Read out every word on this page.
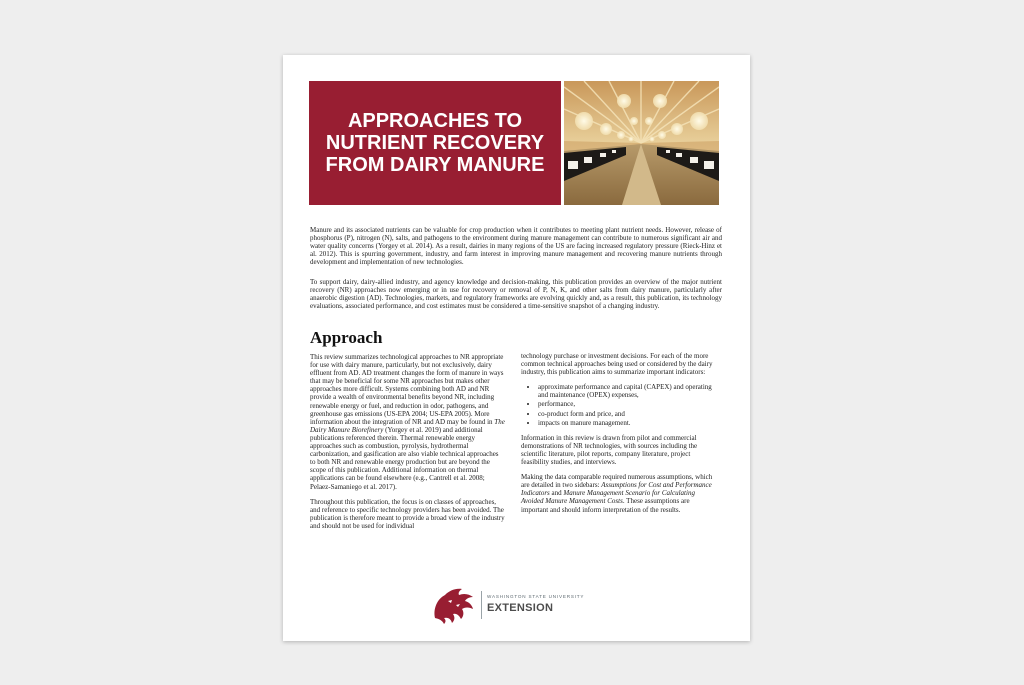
APPROACHES TO NUTRIENT RECOVERY FROM DAIRY MANURE

Manure and its associated nutrients can be valuable for crop production when it contributes to meeting plant nutrient needs. However, release of phosphorus (P), nitrogen (N), salts, and pathogens to the environment during manure management can contribute to numerous significant air and water quality concerns (Yorgey et al. 2014). As a result, dairies in many regions of the US are facing increased regulatory pressure (Rieck-Hinz et al. 2012). This is spurring government, industry, and farm interest in improving manure management and recovering manure nutrients through development and implementation of new technologies.

To support dairy, dairy-allied industry, and agency knowledge and decision-making, this publication provides an overview of the major nutrient recovery (NR) approaches now emerging or in use for recovery or removal of P, N, K, and other salts from dairy manure, particularly after anaerobic digestion (AD). Technologies, markets, and regulatory frameworks are evolving quickly and, as a result, this publication, its technology evaluations, associated performance, and cost estimates must be considered a time-sensitive snapshot of a changing industry.

Approach

This review summarizes technological approaches to NR appropriate for use with dairy manure, particularly, but not exclusively, dairy effluent from AD. AD treatment changes the form of manure in ways that may be beneficial for some NR approaches but makes other approaches more difficult. Systems combining both AD and NR provide a wealth of environmental benefits beyond NR, including renewable energy or fuel, and reduction in odor, pathogens, and greenhouse gas emissions (US-EPA 2004; US-EPA 2005). More information about the integration of NR and AD may be found in The Dairy Manure Biorefinery (Yorgey et al. 2019) and additional publications referenced therein. Thermal renewable energy approaches such as combustion, pyrolysis, hydrothermal carbonization, and gasification are also viable technical approaches to both NR and renewable energy production but are beyond the scope of this publication. Additional information on thermal applications can be found elsewhere (e.g., Cantrell et al. 2008; Pelaez-Samaniego et al. 2017).

Throughout this publication, the focus is on classes of approaches, and reference to specific technology providers has been avoided. The publication is therefore meant to provide a broad view of the industry and should not be used for individual

technology purchase or investment decisions. For each of the more common technical approaches being used or considered by the dairy industry, this publication aims to summarize important indicators:

• approximate performance and capital (CAPEX) and operating and maintenance (OPEX) expenses,
• performance,
• co-product form and price, and
• impacts on manure management.

Information in this review is drawn from pilot and commercial demonstrations of NR technologies, with sources including the scientific literature, pilot reports, company literature, project feasibility studies, and interviews.

Making the data comparable required numerous assumptions, which are detailed in two sidebars: Assumptions for Cost and Performance Indicators and Manure Management Scenario for Calculating Avoided Manure Management Costs. These assumptions are important and should inform interpretation of the results.

WASHINGTON STATE UNIVERSITY
EXTENSION
